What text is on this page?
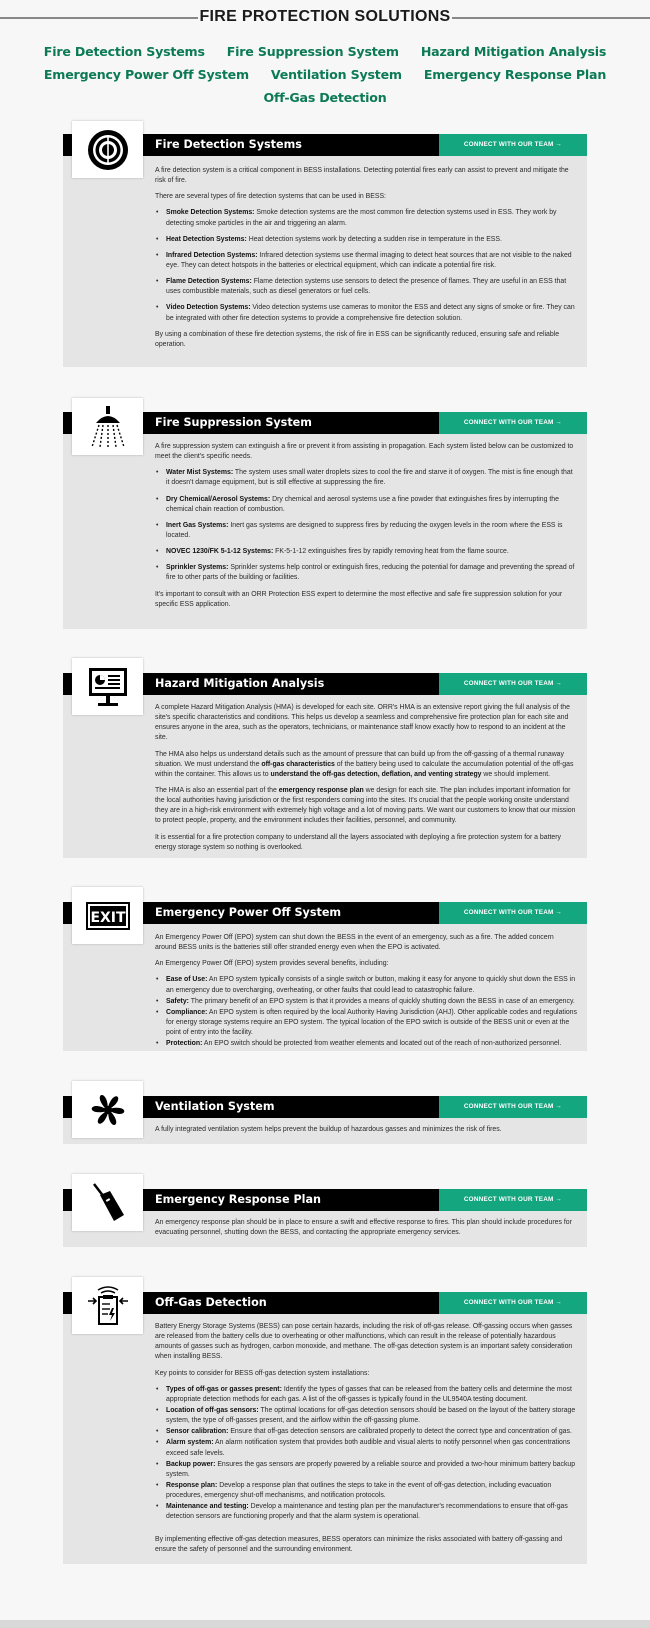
FIRE PROTECTION SOLUTIONS
Fire Detection Systems Fire Suppression System Hazard Mitigation Analysis
Emergency Power Off System Ventilation System Emergency Response Plan
Off-Gas Detection
Fire Detection Systems	CONNECT WITH OUR TEAM →

A fire detection system is a critical component in BESS installations. Detecting potential fires early can assist to prevent and mitigate the risk of fire.

There are several types of fire detection systems that can be used in BESS:

• Smoke Detection Systems: Smoke detection systems are the most common fire detection systems used in ESS. They work by detecting smoke particles in the air and triggering an alarm.
• Heat Detection Systems: Heat detection systems work by detecting a sudden rise in temperature in the ESS.
• Infrared Detection Systems: Infrared detection systems use thermal imaging to detect heat sources that are not visible to the naked eye. They can detect hotspots in the batteries or electrical equipment, which can indicate a potential fire risk.
• Flame Detection Systems: Flame detection systems use sensors to detect the presence of flames. They are useful in an ESS that uses combustible materials, such as diesel generators or fuel cells.
• Video Detection Systems: Video detection systems use cameras to monitor the ESS and detect any signs of smoke or fire. They can be integrated with other fire detection systems to provide a comprehensive fire detection solution.

By using a combination of these fire detection systems, the risk of fire in ESS can be significantly reduced, ensuring safe and reliable operation.

Fire Suppression System	CONNECT WITH OUR TEAM →

A fire suppression system can extinguish a fire or prevent it from assisting in propagation. Each system listed below can be customized to meet the client's specific needs.

• Water Mist Systems: The system uses small water droplets sizes to cool the fire and starve it of oxygen. The mist is fine enough that it doesn't damage equipment, but is still effective at suppressing the fire.
• Dry Chemical/Aerosol Systems: Dry chemical and aerosol systems use a fine powder that extinguishes fires by interrupting the chemical chain reaction of combustion.
• Inert Gas Systems: Inert gas systems are designed to suppress fires by reducing the oxygen levels in the room where the ESS is located.
• NOVEC 1230/FK 5-1-12 Systems: FK-5-1-12 extinguishes fires by rapidly removing heat from the flame source.
• Sprinkler Systems: Sprinkler systems help control or extinguish fires, reducing the potential for damage and preventing the spread of fire to other parts of the building or facilities.

It's important to consult with an ORR Protection ESS expert to determine the most effective and safe fire suppression solution for your specific ESS application.

Hazard Mitigation Analysis	CONNECT WITH OUR TEAM →

A complete Hazard Mitigation Analysis (HMA) is developed for each site. ORR's HMA is an extensive report giving the full analysis of the site's specific characteristics and conditions. This helps us develop a seamless and comprehensive fire protection plan for each site and ensures anyone in the area, such as the operators, technicians, or maintenance staff know exactly how to respond to an incident at the site.

The HMA also helps us understand details such as the amount of pressure that can build up from the off-gassing of a thermal runaway situation. We must understand the off-gas characteristics of the battery being used to calculate the accumulation potential of the off-gas within the container. This allows us to understand the off-gas detection, deflation, and venting strategy we should implement.

The HMA is also an essential part of the emergency response plan we design for each site. The plan includes important information for the local authorities having jurisdiction or the first responders coming into the sites. It's crucial that the people working onsite understand they are in a high-risk environment with extremely high voltage and a lot of moving parts. We want our customers to know that our mission to protect people, property, and the environment includes their facilities, personnel, and community.

It is essential for a fire protection company to understand all the layers associated with deploying a fire protection system for a battery energy storage system so nothing is overlooked.

Emergency Power Off System	CONNECT WITH OUR TEAM →
EXIT

An Emergency Power Off (EPO) system can shut down the BESS in the event of an emergency, such as a fire. The added concern around BESS units is the batteries still offer stranded energy even when the EPO is activated.

An Emergency Power Off (EPO) system provides several benefits, including:

• Ease of Use: An EPO system typically consists of a single switch or button, making it easy for anyone to quickly shut down the ESS in an emergency due to overcharging, overheating, or other faults that could lead to catastrophic failure.
• Safety: The primary benefit of an EPO system is that it provides a means of quickly shutting down the BESS in case of an emergency.
• Compliance: An EPO system is often required by the local Authority Having Jurisdiction (AHJ). Other applicable codes and regulations for energy storage systems require an EPO system. The typical location of the EPO switch is outside of the BESS unit or even at the point of entry into the facility.
• Protection: An EPO switch should be protected from weather elements and located out of the reach of non-authorized personnel.
Ventilation System	CONNECT WITH OUR TEAM →

A fully integrated ventilation system helps prevent the buildup of hazardous gasses and minimizes the risk of fires.

Emergency Response Plan	CONNECT WITH OUR TEAM →

An emergency response plan should be in place to ensure a swift and effective response to fires. This plan should include procedures for evacuating personnel, shutting down the BESS, and contacting the appropriate emergency services.

Off-Gas Detection	CONNECT WITH OUR TEAM →

Battery Energy Storage Systems (BESS) can pose certain hazards, including the risk of off-gas release. Off-gassing occurs when gasses are released from the battery cells due to overheating or other malfunctions, which can result in the release of potentially hazardous amounts of gasses such as hydrogen, carbon monoxide, and methane. The off-gas detection system is an important safety consideration when installing BESS.

Key points to consider for BESS off-gas detection system installations:

• Types of off-gas or gasses present: Identify the types of gasses that can be released from the battery cells and determine the most appropriate detection methods for each gas. A list of the off-gasses is typically found in the UL9540A testing document.
• Location of off-gas sensors: The optimal locations for off-gas detection sensors should be based on the layout of the battery storage system, the type of off-gasses present, and the airflow within the off-gassing plume.
• Sensor calibration: Ensure that off-gas detection sensors are calibrated properly to detect the correct type and concentration of gas.
• Alarm system: An alarm notification system that provides both audible and visual alerts to notify personnel when gas concentrations exceed safe levels.
• Backup power: Ensures the gas sensors are properly powered by a reliable source and provided a two-hour minimum battery backup system.
• Response plan: Develop a response plan that outlines the steps to take in the event of off-gas detection, including evacuation procedures, emergency shut-off mechanisms, and notification protocols.
• Maintenance and testing: Develop a maintenance and testing plan per the manufacturer's recommendations to ensure that off-gas detection sensors are functioning properly and that the alarm system is operational.

By implementing effective off-gas detection measures, BESS operators can minimize the risks associated with battery off-gassing and ensure the safety of personnel and the surrounding environment.
